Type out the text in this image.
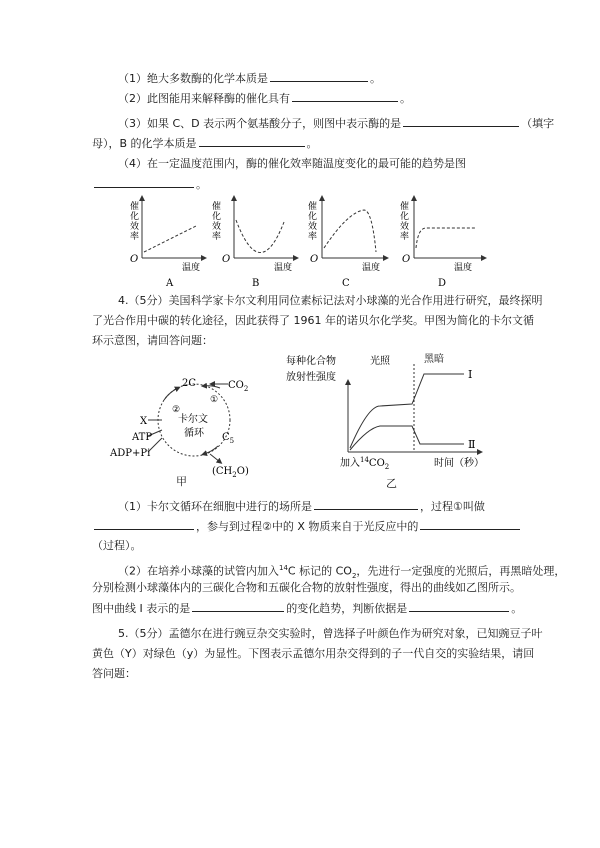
（1）绝大多数酶的化学本质是	。
（2）此图能用来解释酶的催化具有	。
（3）如果 C、D 表示两个氨基酸分子，则图中表示酶的是	（填字
母），B 的化学本质是	。
（4）在一定温度范围内，酶的催化效率随温度变化的最可能的趋势是图
。
催
化
效
率
O
温度
A
催
化
效
率
O
温度
B
催
化
效
率
O
温度
C
催
化
效
率
O
温度
D
4.（5分）美国科学家卡尔文利用同位素标记法对小球藻的光合作用进行研究，最终探明
了光合作用中碳的转化途径，因此获得了 1961 年的诺贝尔化学奖。甲图为简化的卡尔文循
环示意图，请回答问题：
2C	$CO_2$
②
①
卡尔文
循环
X
ATP
ADP+Pi
$C_5$
$(CH_2O)$
甲
每种化合物
放射性强度
光照	黑暗
Ⅰ
Ⅱ
加入$^{14}CO_2$	时间（秒）
乙
（1）卡尔文循环在细胞中进行的场所是	，过程①叫做
，参与到过程②中的 X 物质来自于光反应中的
（过程）。
（2）在培养小球藻的试管内加入$^{14}$C 标记的 $CO_2$，先进行一定强度的光照后，再黑暗处理，
分别检测小球藻体内的三碳化合物和五碳化合物的放射性强度，得出的曲线如乙图所示。
图中曲线 Ⅰ 表示的是	的变化趋势，判断依据是	。
5.（5分）孟德尔在进行豌豆杂交实验时，曾选择子叶颜色作为研究对象，已知豌豆子叶
黄色（Y）对绿色（y）为显性。下图表示孟德尔用杂交得到的子一代自交的实验结果，请回
答问题：
